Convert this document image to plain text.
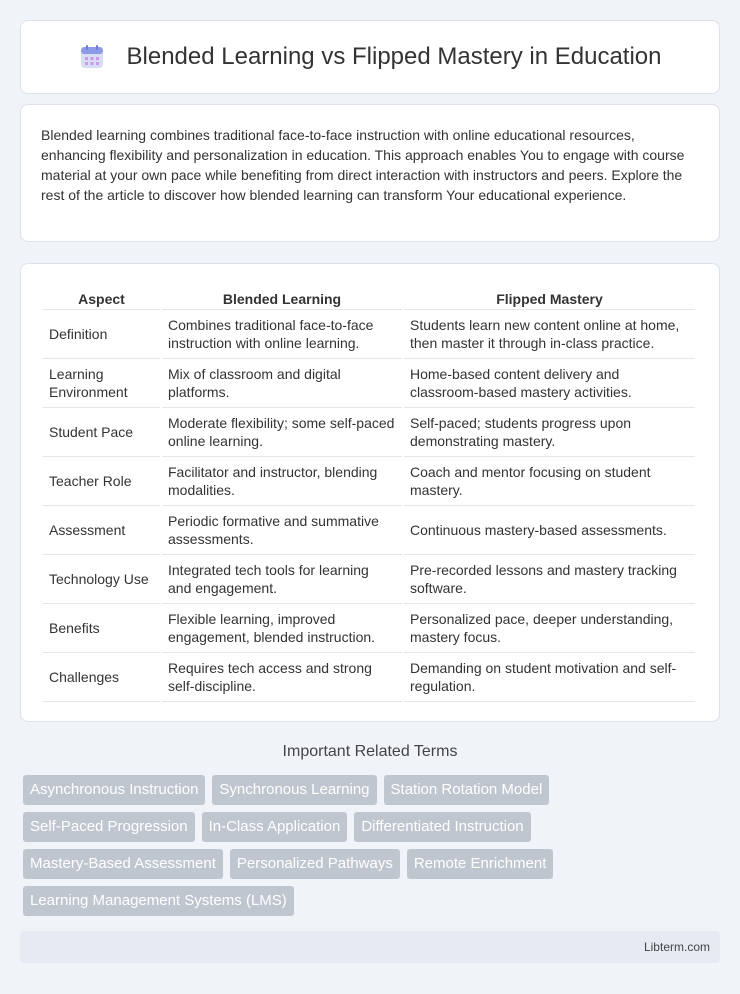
Blended Learning vs Flipped Mastery in Education

Blended learning combines traditional face-to-face instruction with online educational resources, enhancing flexibility and personalization in education. This approach enables You to engage with course material at your own pace while benefiting from direct interaction with instructors and peers. Explore the rest of the article to discover how blended learning can transform Your educational experience.

Aspect	Blended Learning	Flipped Mastery
Definition	Combines traditional face-to-face instruction with online learning.	Students learn new content online at home, then master it through in-class practice.
Learning Environment	Mix of classroom and digital platforms.	Home-based content delivery and classroom-based mastery activities.
Student Pace	Moderate flexibility; some self-paced online learning.	Self-paced; students progress upon demonstrating mastery.
Teacher Role	Facilitator and instructor, blending modalities.	Coach and mentor focusing on student mastery.
Assessment	Periodic formative and summative assessments.	Continuous mastery-based assessments.
Technology Use	Integrated tech tools for learning and engagement.	Pre-recorded lessons and mastery tracking software.
Benefits	Flexible learning, improved engagement, blended instruction.	Personalized pace, deeper understanding, mastery focus.
Challenges	Requires tech access and strong self-discipline.	Demanding on student motivation and self-regulation.
Important Related Terms
Asynchronous Instruction	Synchronous Learning	Station Rotation Model
Self-Paced Progression	In-Class Application	Differentiated Instruction
Mastery-Based Assessment	Personalized Pathways	Remote Enrichment
Learning Management Systems (LMS)
Libterm.com
